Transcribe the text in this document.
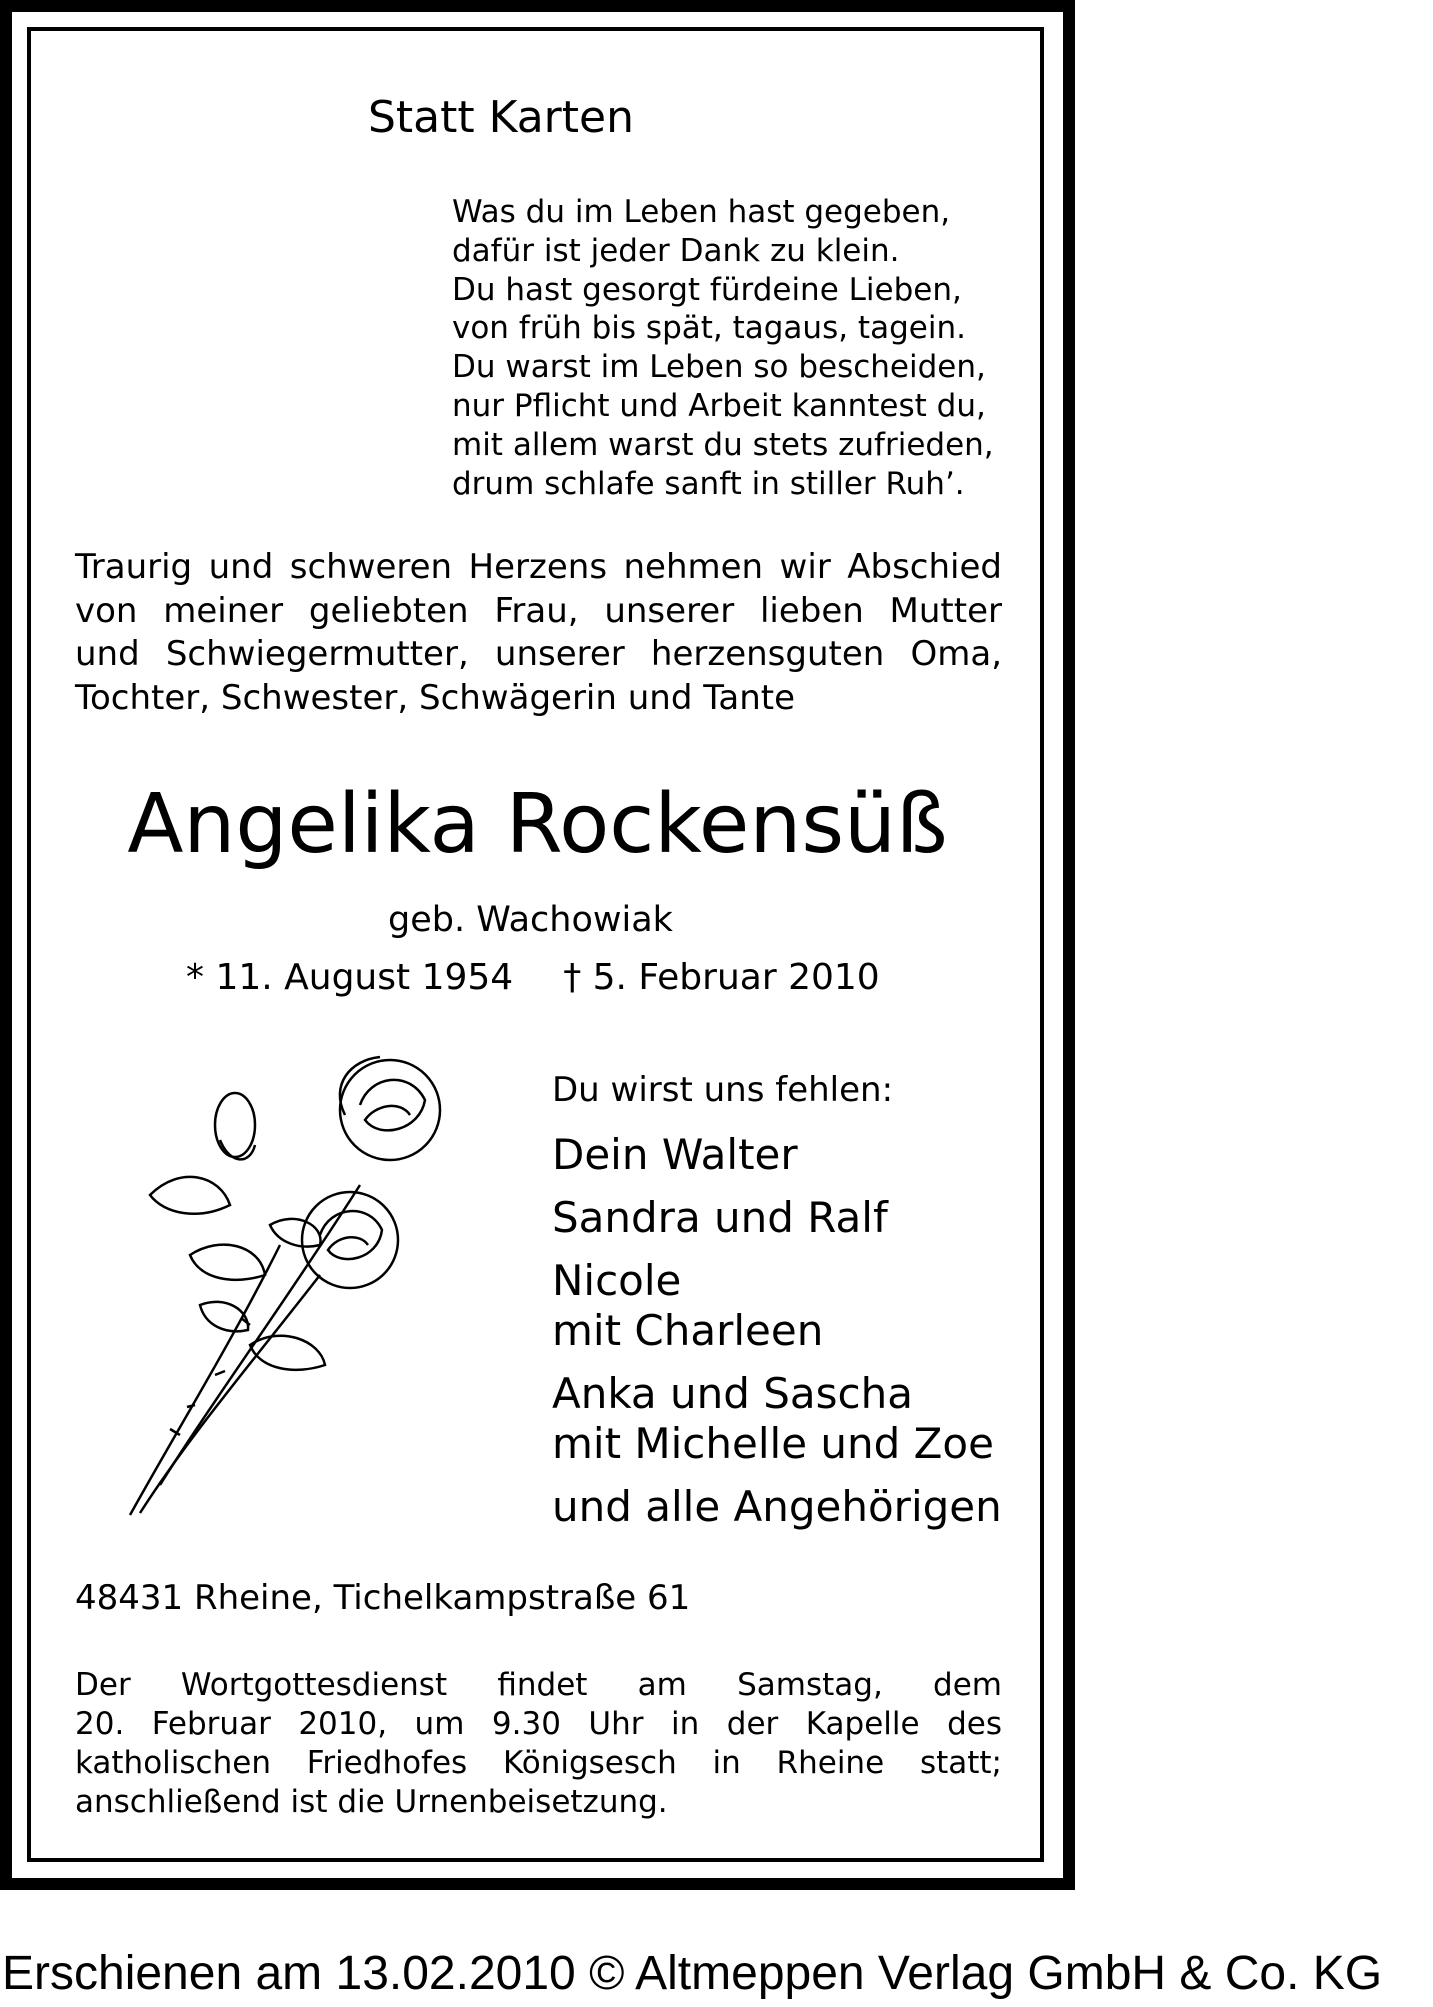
Statt Karten
Was du im Leben hast gegeben,
dafür ist jeder Dank zu klein.
Du hast gesorgt fürdeine Lieben,
von früh bis spät, tagaus, tagein.
Du warst im Leben so bescheiden,
nur Pflicht und Arbeit kanntest du,
mit allem warst du stets zufrieden,
drum schlafe sanft in stiller Ruh’.
Traurig und schweren Herzens nehmen wir Abschied
von meiner geliebten Frau, unserer lieben Mutter
und Schwiegermutter, unserer herzensguten Oma,
Tochter, Schwester, Schwägerin und Tante
Angelika Rockensüß
geb. Wachowiak
* 11. August 1954 † 5. Februar 2010
Du wirst uns fehlen:
Dein Walter
Sandra und Ralf
Nicole
mit Charleen
Anka und Sascha
mit Michelle und Zoe
und alle Angehörigen
48431 Rheine, Tichelkampstraße 61
Der Wortgottesdienst findet am Samstag, dem
20. Februar 2010, um 9.30 Uhr in der Kapelle des
katholischen Friedhofes Königsesch in Rheine statt;
anschließend ist die Urnenbeisetzung.
Erschienen am 13.02.2010 © Altmeppen Verlag GmbH & Co. KG
